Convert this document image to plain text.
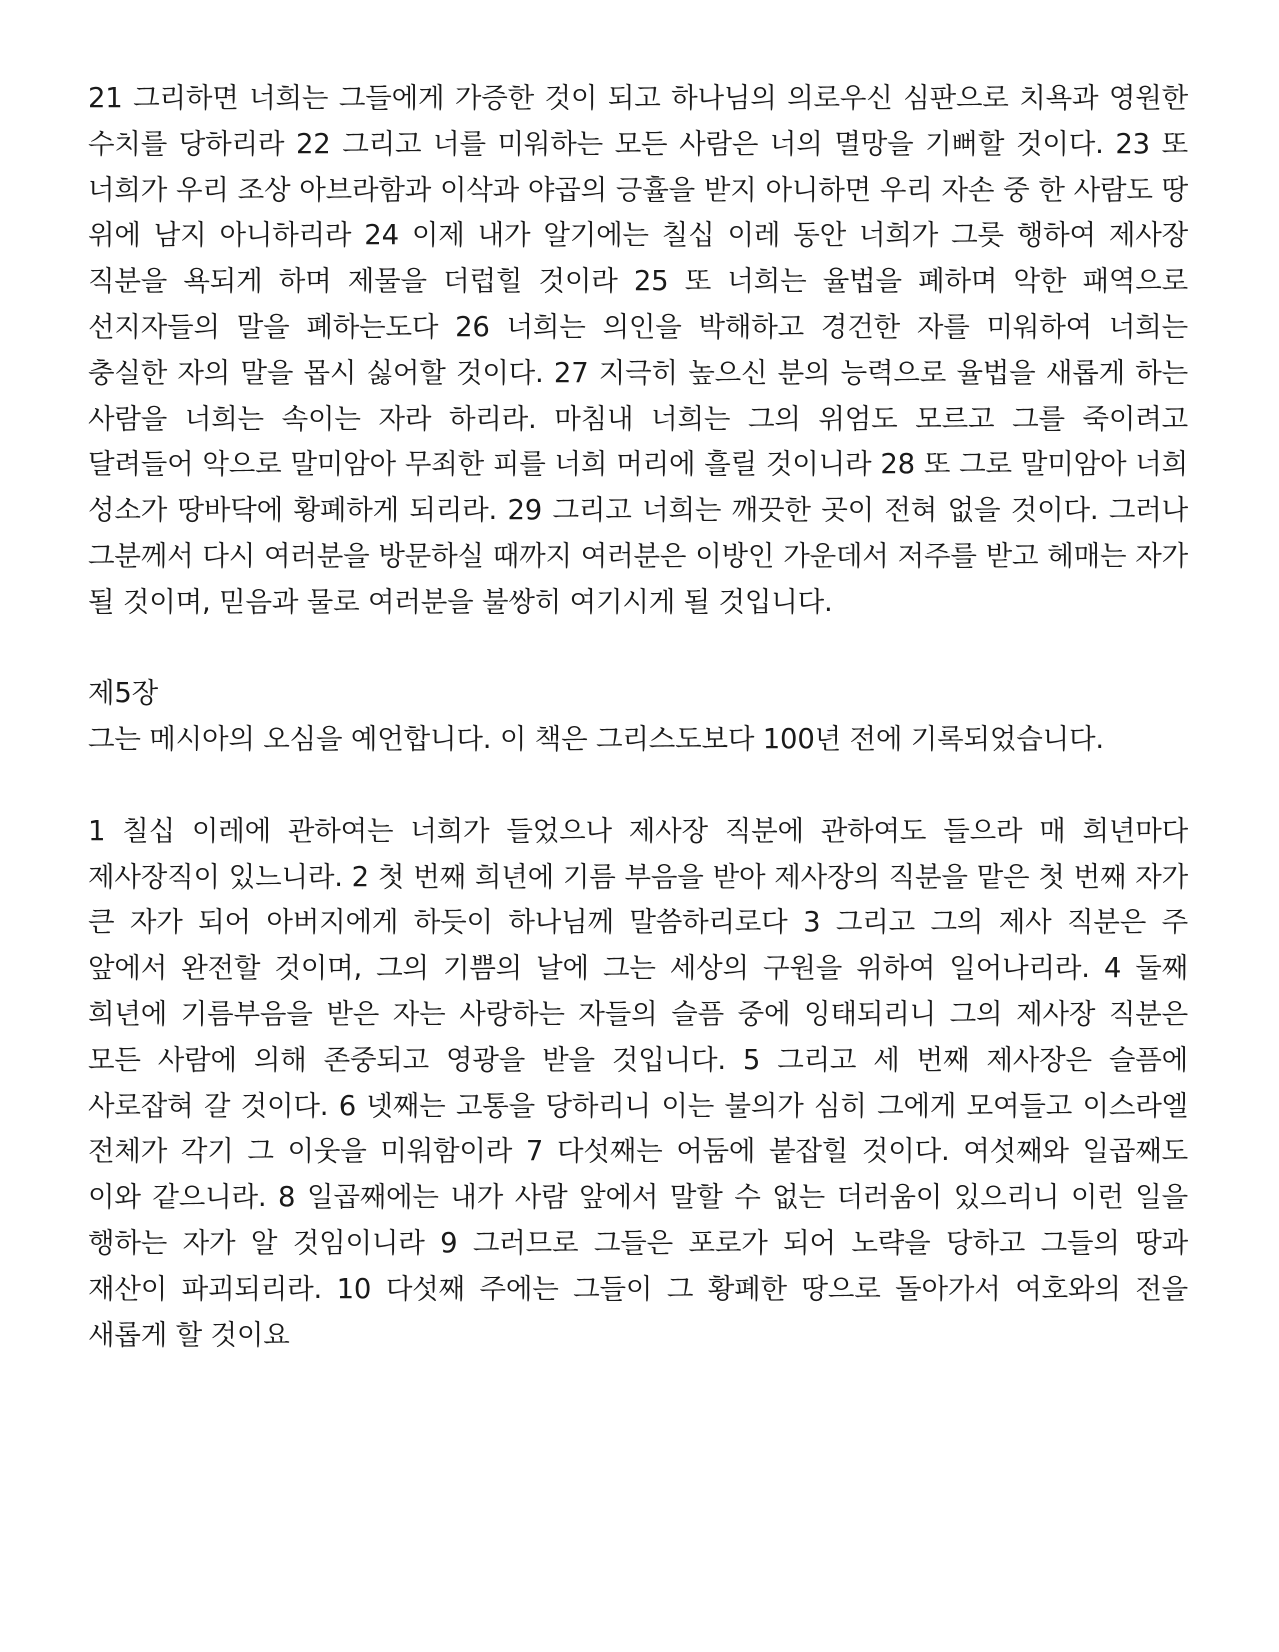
21 그리하면 너희는 그들에게 가증한 것이 되고 하나님의 의로우신 심판으로 치욕과 영원한 수치를 당하리라 22 그리고 너를 미워하는 모든 사람은 너의 멸망을 기뻐할 것이다. 23 또 너희가 우리 조상 아브라함과 이삭과 야곱의 긍휼을 받지 아니하면 우리 자손 중 한 사람도 땅 위에 남지 아니하리라 24 이제 내가 알기에는 칠십 이레 동안 너희가 그릇 행하여 제사장 직분을 욕되게 하며 제물을 더럽힐 것이라 25 또 너희는 율법을 폐하며 악한 패역으로 선지자들의 말을 폐하는도다 26 너희는 의인을 박해하고 경건한 자를 미워하여 너희는 충실한 자의 말을 몹시 싫어할 것이다. 27 지극히 높으신 분의 능력으로 율법을 새롭게 하는 사람을 너희는 속이는 자라 하리라. 마침내 너희는 그의 위엄도 모르고 그를 죽이려고 달려들어 악으로 말미암아 무죄한 피를 너희 머리에 흘릴 것이니라 28 또 그로 말미암아 너희 성소가 땅바닥에 황폐하게 되리라. 29 그리고 너희는 깨끗한 곳이 전혀 없을 것이다. 그러나 그분께서 다시 여러분을 방문하실 때까지 여러분은 이방인 가운데서 저주를 받고 헤매는 자가 될 것이며, 믿음과 물로 여러분을 불쌍히 여기시게 될 것입니다.

제5장

그는 메시아의 오심을 예언합니다. 이 책은 그리스도보다 100년 전에 기록되었습니다.

1 칠십 이레에 관하여는 너희가 들었으나 제사장 직분에 관하여도 들으라 매 희년마다 제사장직이 있느니라. 2 첫 번째 희년에 기름 부음을 받아 제사장의 직분을 맡은 첫 번째 자가 큰 자가 되어 아버지에게 하듯이 하나님께 말씀하리로다 3 그리고 그의 제사 직분은 주 앞에서 완전할 것이며, 그의 기쁨의 날에 그는 세상의 구원을 위하여 일어나리라. 4 둘째 희년에 기름부음을 받은 자는 사랑하는 자들의 슬픔 중에 잉태되리니 그의 제사장 직분은 모든 사람에 의해 존중되고 영광을 받을 것입니다. 5 그리고 세 번째 제사장은 슬픔에 사로잡혀 갈 것이다. 6 넷째는 고통을 당하리니 이는 불의가 심히 그에게 모여들고 이스라엘 전체가 각기 그 이웃을 미워함이라 7 다섯째는 어둠에 붙잡힐 것이다. 여섯째와 일곱째도 이와 같으니라. 8 일곱째에는 내가 사람 앞에서 말할 수 없는 더러움이 있으리니 이런 일을 행하는 자가 알 것임이니라 9 그러므로 그들은 포로가 되어 노략을 당하고 그들의 땅과 재산이 파괴되리라. 10 다섯째 주에는 그들이 그 황폐한 땅으로 돌아가서 여호와의 전을 새롭게 할 것이요
